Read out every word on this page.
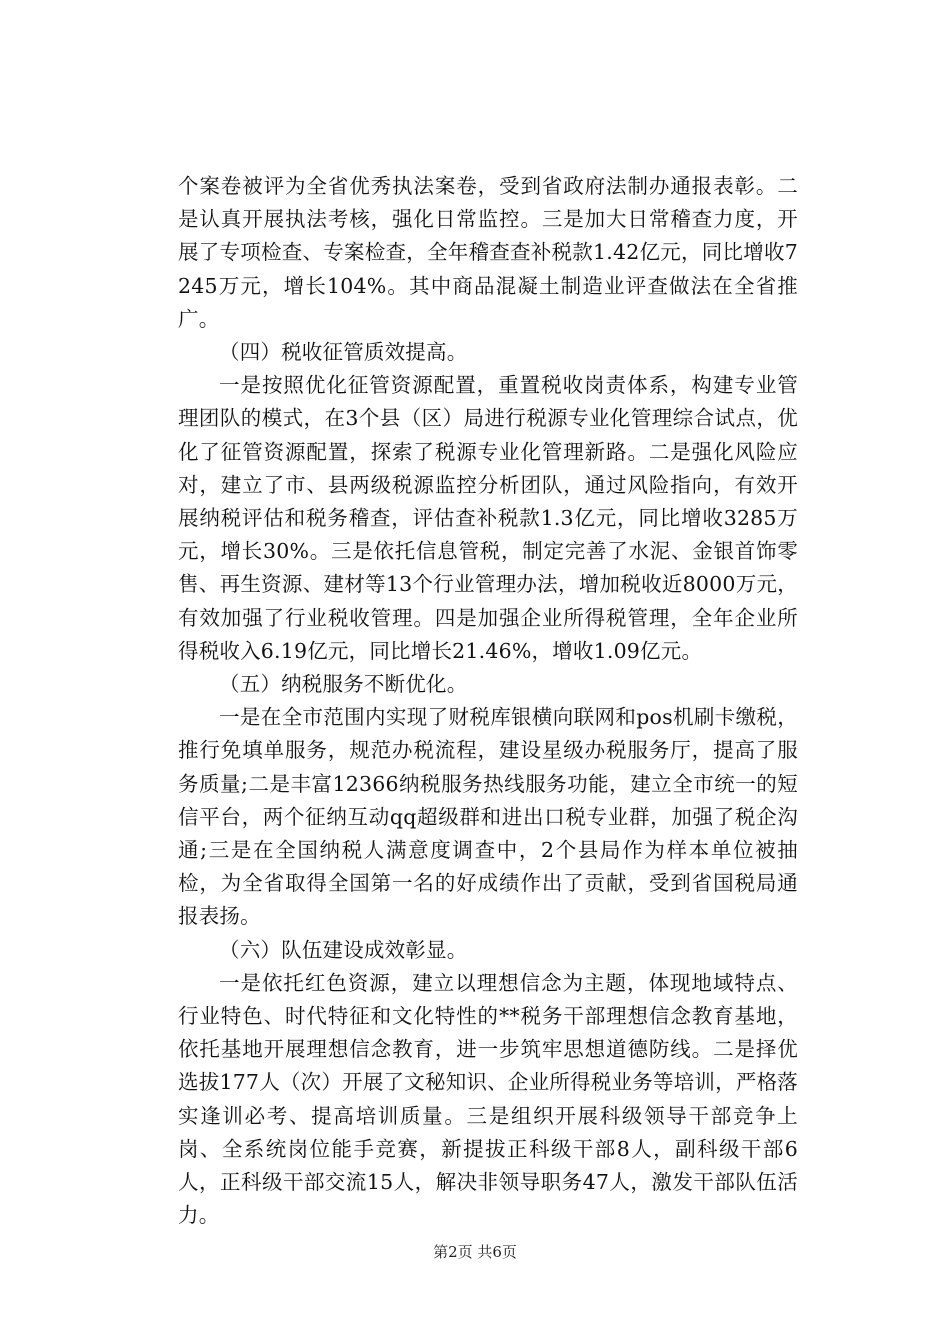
个案卷被评为全省优秀执法案卷，受到省政府法制办通报表彰。二是认真开展执法考核，强化日常监控。三是加大日常稽查力度，开展了专项检查、专案检查，全年稽查查补税款1.42亿元，同比增收7245万元，增长104%。其中商品混凝土制造业评查做法在全省推广。

（四）税收征管质效提高。

一是按照优化征管资源配置，重置税收岗责体系，构建专业管理团队的模式，在3个县（区）局进行税源专业化管理综合试点，优化了征管资源配置，探索了税源专业化管理新路。二是强化风险应对，建立了市、县两级税源监控分析团队，通过风险指向，有效开展纳税评估和税务稽查，评估查补税款1.3亿元，同比增收3285万元，增长30%。三是依托信息管税，制定完善了水泥、金银首饰零售、再生资源、建材等13个行业管理办法，增加税收近8000万元，有效加强了行业税收管理。四是加强企业所得税管理，全年企业所得税收入6.19亿元，同比增长21.46%，增收1.09亿元。

（五）纳税服务不断优化。

一是在全市范围内实现了财税库银横向联网和pos机刷卡缴税，推行免填单服务，规范办税流程，建设星级办税服务厅，提高了服务质量;二是丰富12366纳税服务热线服务功能，建立全市统一的短信平台，两个征纳互动qq超级群和进出口税专业群，加强了税企沟通;三是在全国纳税人满意度调查中，2个县局作为样本单位被抽检，为全省取得全国第一名的好成绩作出了贡献，受到省国税局通报表扬。

（六）队伍建设成效彰显。

一是依托红色资源，建立以理想信念为主题，体现地域特点、行业特色、时代特征和文化特性的**税务干部理想信念教育基地，依托基地开展理想信念教育，进一步筑牢思想道德防线。二是择优选拔177人（次）开展了文秘知识、企业所得税业务等培训，严格落实逢训必考、提高培训质量。三是组织开展科级领导干部竞争上岗、全系统岗位能手竞赛，新提拔正科级干部8人，副科级干部6人，正科级干部交流15人，解决非领导职务47人，激发干部队伍活力。

第2页 共6页
